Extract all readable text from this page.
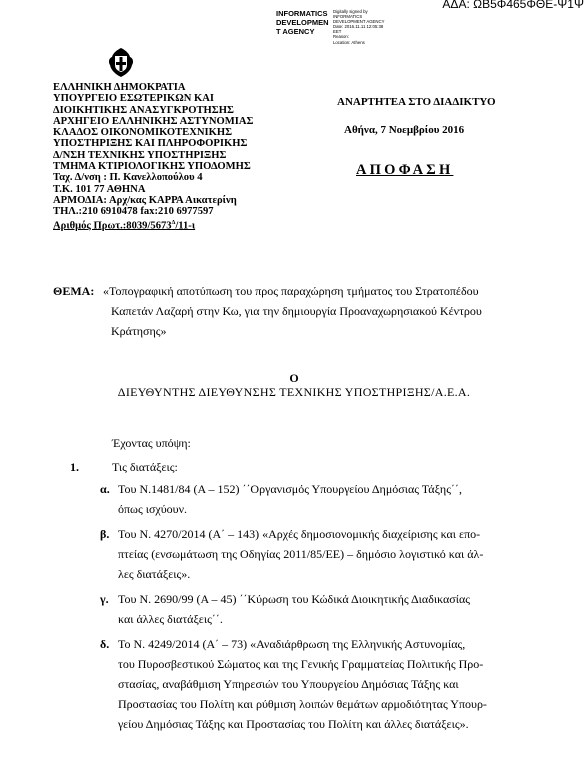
ΑΔΑ: ΩΒ5Φ465ΦΘΕ-Ψ1Ψ
INFORMATICS
DEVELOPMEN
T AGENCY
Digitally signed by
INFORMATICS
DEVELOPMENT AGENCY
Date: 2016.11.11 12:05:38
EET
Reason:
Location: Athens
ΕΛΛΗΝΙΚΗ ΔΗΜΟΚΡΑΤΙΑ
ΥΠΟΥΡΓΕΙΟ ΕΣΩΤΕΡΙΚΩΝ ΚΑΙ
ΔΙΟΙΚΗΤΙΚΗΣ ΑΝΑΣΥΓΚΡΟΤΗΣΗΣ
ΑΡΧΗΓΕΙΟ ΕΛΛΗΝΙΚΗΣ ΑΣΤΥΝΟΜΙΑΣ
ΚΛΑΔΟΣ ΟΙΚΟΝΟΜΙΚΟΤΕΧΝΙΚΗΣ
ΥΠΟΣΤΗΡΙΞΗΣ ΚΑΙ ΠΛΗΡΟΦΟΡΙΚΗΣ
Δ/ΝΣΗ ΤΕΧΝΙΚΗΣ ΥΠΟΣΤΗΡΙΞΗΣ
ΤΜΗΜΑ ΚΤΙΡΙΟΛΟΓΙΚΗΣ ΥΠΟΔΟΜΗΣ
Ταχ. Δ/νση : Π. Κανελλοπούλου 4
Τ.Κ. 101 77 ΑΘΗΝΑ
ΑΡΜΟΔΙΑ: Αρχ/κας ΚΑΡΡΑ Αικατερίνη
ΤΗΛ.:210 6910478 fax:210 6977597
Αριθμός $\Pi\rho\omega\tau.:8039/5673^\Delta/11-\iota$
ΑΝΑΡΤΗΤΕΑ ΣΤΟ ΔΙΑΔΙΚΤΥΟ
Αθήνα, 7 Νοεμβρίου 2016
ΑΠΟΦΑΣΗ
ΘΕΜΑ: «Τοπογραφική αποτύπωση του προς παραχώρηση τμήματος του Στρατοπέδου
Καπετάν Λαζαρή στην Κω, για την δημιουργία Προαναχωρησιακού Κέντρου
Κράτησης»
Ο
ΔΙΕΥΘΥΝΤΗΣ ΔΙΕΥΘΥΝΣΗΣ ΤΕΧΝΙΚΗΣ ΥΠΟΣΤΗΡΙΞΗΣ/Α.Ε.Α.
Έχοντας υπόψη:
1.	Τις διατάξεις:
α. Του Ν.1481/84 (Α – 152) ΄΄Οργανισμός Υπουργείου Δημόσιας Τάξης΄΄,
όπως ισχύουν.
β. Του Ν. 4270/2014 (Α΄ – 143) «Αρχές δημοσιονομικής διαχείρισης και επο-
πτείας (ενσωμάτωση της Οδηγίας 2011/85/ΕΕ) – δημόσιο λογιστικό και άλ-
λες διατάξεις».
γ. Του Ν. 2690/99 (Α – 45) ΄΄Κύρωση του Κώδικά Διοικητικής Διαδικασίας
και άλλες διατάξεις΄΄.
δ. Το Ν. 4249/2014 (Α΄ – 73) «Αναδιάρθρωση της Ελληνικής Αστυνομίας,
του Πυροσβεστικού Σώματος και της Γενικής Γραμματείας Πολιτικής Προ-
στασίας, αναβάθμιση Υπηρεσιών του Υπουργείου Δημόσιας Τάξης και
Προστασίας του Πολίτη και ρύθμιση λοιπών θεμάτων αρμοδιότητας Υπουρ-
γείου Δημόσιας Τάξης και Προστασίας του Πολίτη και άλλες διατάξεις».
